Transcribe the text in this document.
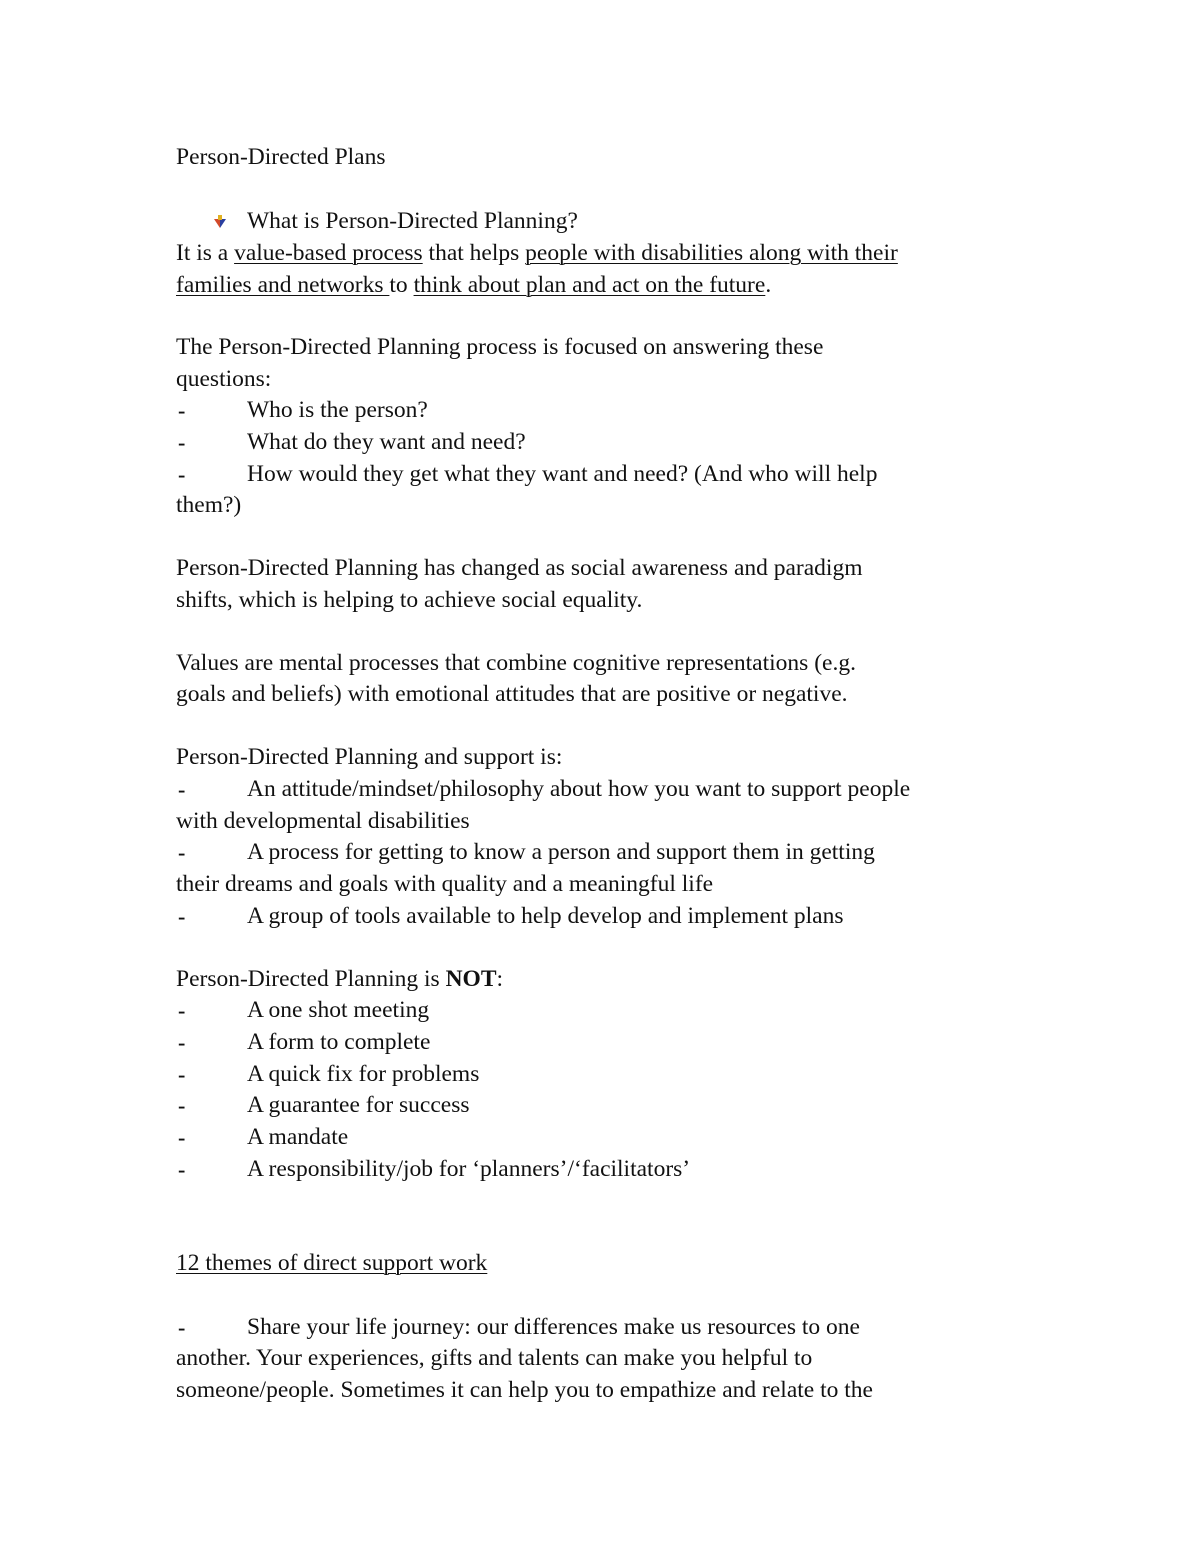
Person-Directed Plans
What is Person-Directed Planning?
It is a value-based process that helps people with disabilities along with their
families and networks to think about plan and act on the future.
The Person-Directed Planning process is focused on answering these
questions:
-	Who is the person?
-	What do they want and need?
-	How would they get what they want and need? (And who will help
them?)
Person-Directed Planning has changed as social awareness and paradigm
shifts, which is helping to achieve social equality.
Values are mental processes that combine cognitive representations (e.g.
goals and beliefs) with emotional attitudes that are positive or negative.
Person-Directed Planning and support is:
-	An attitude/mindset/philosophy about how you want to support people
with developmental disabilities
-	A process for getting to know a person and support them in getting
their dreams and goals with quality and a meaningful life
-	A group of tools available to help develop and implement plans
Person-Directed Planning is NOT:
-	A one shot meeting
-	A form to complete
-	A quick fix for problems
-	A guarantee for success
-	A mandate
-	A responsibility/job for ‘planners’/‘facilitators’
12 themes of direct support work
-	Share your life journey: our differences make us resources to one
another. Your experiences, gifts and talents can make you helpful to
someone/people. Sometimes it can help you to empathize and relate to the
